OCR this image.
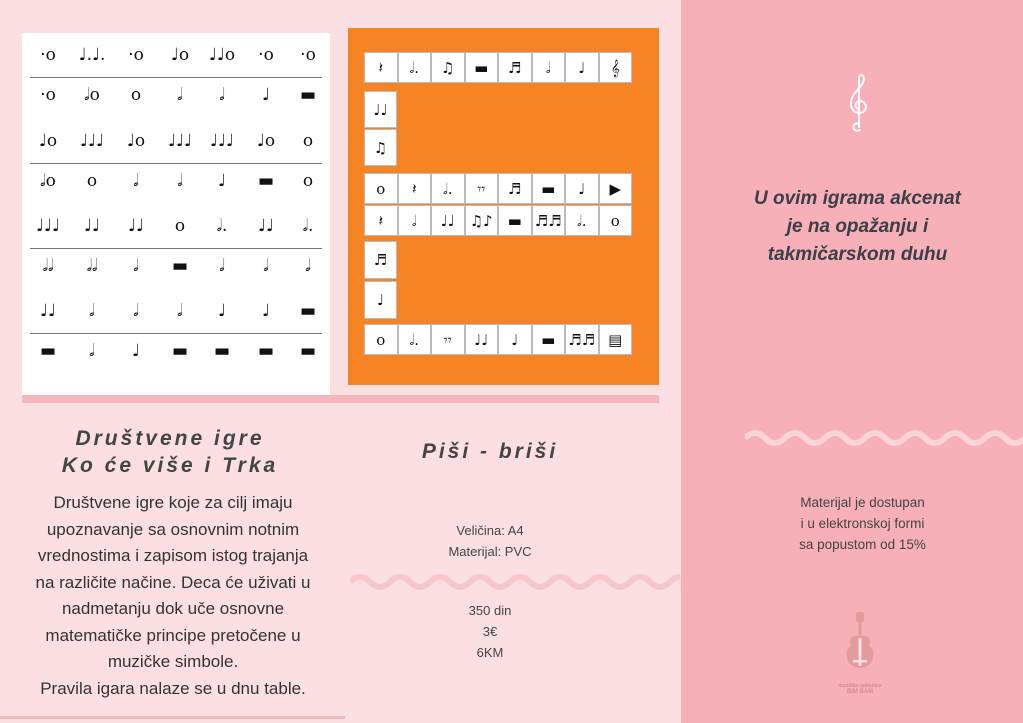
·o	♩.♩.	·o	♩o	♩♩o	·o	·o
·o	𝅗𝅥o	o	𝅗𝅥	𝅗𝅥	♩	▬
♩o	♩♩♩	♩o	♩♩♩	♩♩♩	♩o	o
𝅗𝅥o	o	𝅗𝅥	𝅗𝅥	♩	▬	o
♩♩♩	♩♩	♩♩	o	𝅗𝅥.	♩♩	𝅗𝅥.
𝅗𝅥𝅗𝅥	𝅗𝅥𝅗𝅥	𝅗𝅥	▬	𝅗𝅥	𝅗𝅥	𝅗𝅥
♩♩	𝅗𝅥	𝅗𝅥	𝅗𝅥	♩	♩	▬
▬	𝅗𝅥	♩	▬	▬	▬	▬
𝄽	𝅗𝅥.	♫	▬	♬	𝅗𝅥	♩	𝄞
o	𝄽	𝅗𝅥.	𝄾𝄾	♬	▬	♩	▶
𝄽	𝅗𝅥	♩♩ ♫♪ ▬ ♬♬	𝅗𝅥.	o
o	𝅗𝅥.	𝄾𝄾	♩♩	♩	▬ ♬♬ ▤
♩♩
♫
♬
♩
Društvene igre
Ko će više i Trka
Društvene igre koje za cilj imaju
upoznavanje sa osnovnim notnim
vrednostima i zapisom istog trajanja
na različite načine. Deca će uživati u
nadmetanju dok uče osnovne
matematičke principe pretočene u
muzičke simbole.
Pravila igara nalaze se u dnu table.
Piši - briši
Veličina: A4
Materijal: PVC
350 din
3€
6KM
U ovim igrama akcenat
je na opažanju i
takmičarskom duhu
Materijal je dostupan
i u elektronskoj formi
sa popustom od 15%
muzička radionica
BIM BAM
